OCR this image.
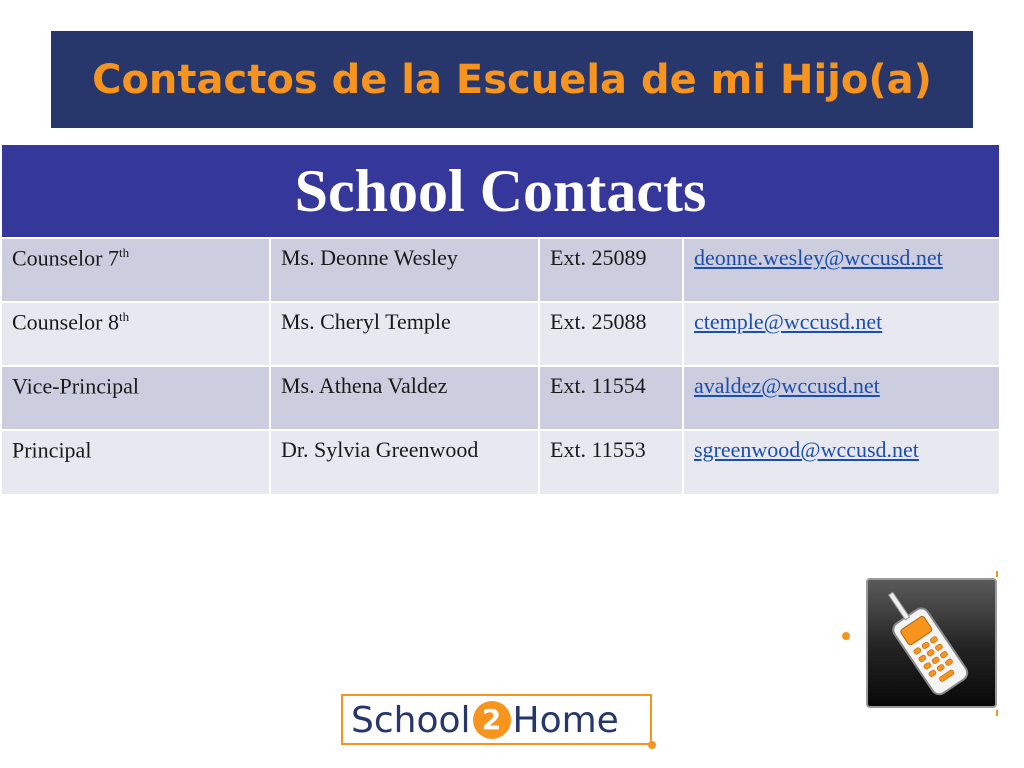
Contactos de la Escuela de mi Hijo(a)
School Contacts			
Counselor 7th	Ms. Deonne Wesley	Ext. 25089	deonne.wesley@wccusd.net
Counselor 8th	Ms. Cheryl Temple	Ext. 25088	ctemple@wccusd.net
Vice-Principal	Ms. Athena Valdez	Ext. 11554	avaldez@wccusd.net
Principal	Dr. Sylvia Greenwood	Ext. 11553	sgreenwood@wccusd.net
School 2 Home
